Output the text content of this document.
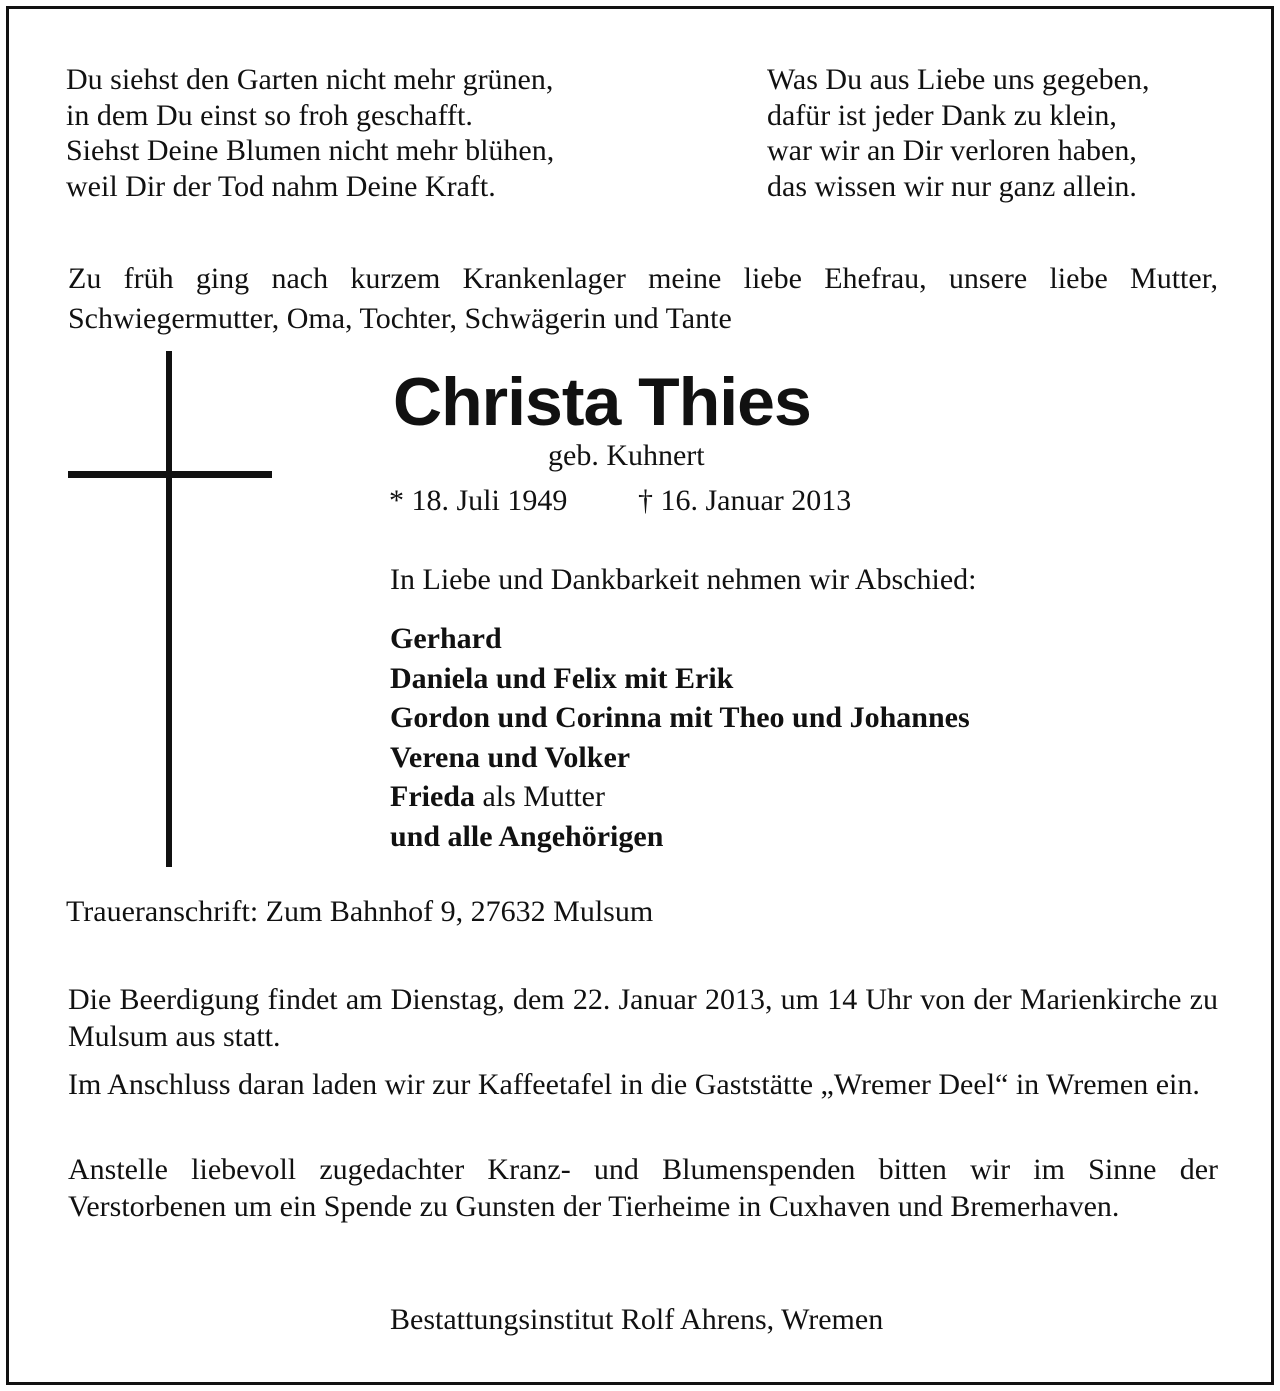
Du siehst den Garten nicht mehr grünen,
in dem Du einst so froh geschafft.
Siehst Deine Blumen nicht mehr blühen,
weil Dir der Tod nahm Deine Kraft.
Was Du aus Liebe uns gegeben,
dafür ist jeder Dank zu klein,
war wir an Dir verloren haben,
das wissen wir nur ganz allein.
Zu früh ging nach kurzem Krankenlager meine liebe Ehefrau, unsere liebe Mutter, Schwiegermutter, Oma, Tochter, Schwägerin und Tante
Christa Thies
geb. Kuhnert
* 18. Juli 1949 † 16. Januar 2013
In Liebe und Dankbarkeit nehmen wir Abschied:
Gerhard
Daniela und Felix mit Erik
Gordon und Corinna mit Theo und Johannes
Verena und Volker
Frieda als Mutter
und alle Angehörigen
Traueranschrift: Zum Bahnhof 9, 27632 Mulsum
Die Beerdigung findet am Dienstag, dem 22. Januar 2013, um 14 Uhr von der Marienkirche zu Mulsum aus statt.
Im Anschluss daran laden wir zur Kaffeetafel in die Gaststätte „Wremer Deel“ in Wremen ein.
Anstelle liebevoll zugedachter Kranz- und Blumenspenden bitten wir im Sinne der Verstorbenen um ein Spende zu Gunsten der Tierheime in Cuxhaven und Bremerhaven.
Bestattungsinstitut Rolf Ahrens, Wremen
